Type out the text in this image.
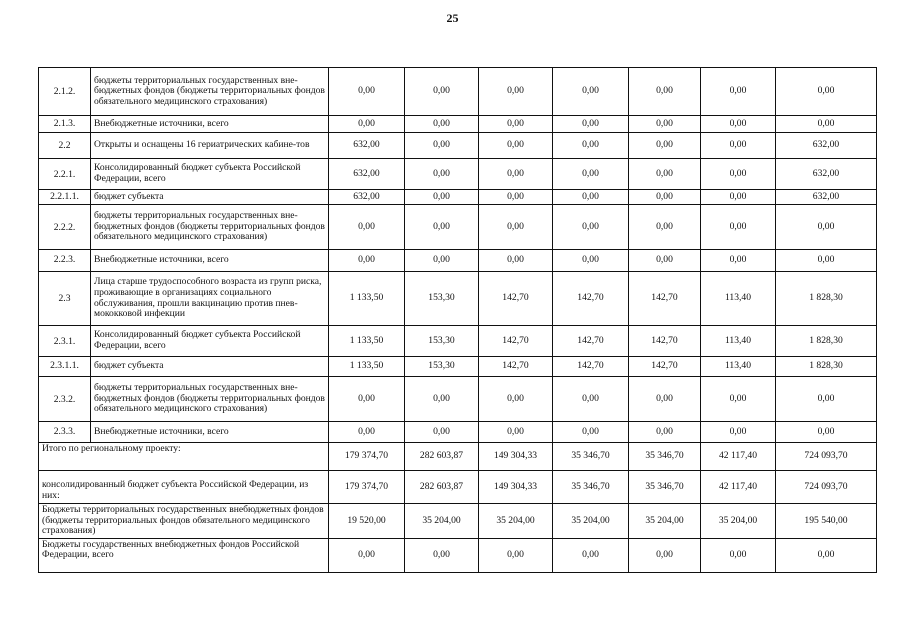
25
2.1.2.	бюджеты территориальных государственных вне-бюджетных фондов (бюджеты территориальных фондов обязательного медицинского страхования)	0,00	0,00	0,00	0,00	0,00	0,00	0,00
2.1.3.	Внебюджетные источники, всего	0,00	0,00	0,00	0,00	0,00	0,00	0,00
2.2	Открыты и оснащены 16 гериатрических кабине-тов	632,00	0,00	0,00	0,00	0,00	0,00	632,00
2.2.1.	Консолидированный бюджет субъекта Российской Федерации, всего	632,00	0,00	0,00	0,00	0,00	0,00	632,00
2.2.1.1.	бюджет субъекта	632,00	0,00	0,00	0,00	0,00	0,00	632,00
2.2.2.	бюджеты территориальных государственных вне-бюджетных фондов (бюджеты территориальных фондов обязательного медицинского страхования)	0,00	0,00	0,00	0,00	0,00	0,00	0,00
2.2.3.	Внебюджетные источники, всего	0,00	0,00	0,00	0,00	0,00	0,00	0,00
2.3	Лица старше трудоспособного возраста из групп риска, проживающие в организациях социального обслуживания, прошли вакцинацию против пнев-мококковой инфекции	1 133,50	153,30	142,70	142,70	142,70	113,40	1 828,30
2.3.1.	Консолидированный бюджет субъекта Российской Федерации, всего	1 133,50	153,30	142,70	142,70	142,70	113,40	1 828,30
2.3.1.1.	бюджет субъекта	1 133,50	153,30	142,70	142,70	142,70	113,40	1 828,30
2.3.2.	бюджеты территориальных государственных вне-бюджетных фондов (бюджеты территориальных фондов обязательного медицинского страхования)	0,00	0,00	0,00	0,00	0,00	0,00	0,00
2.3.3.	Внебюджетные источники, всего	0,00	0,00	0,00	0,00	0,00	0,00	0,00
Итого по региональному проекту:		179 374,70	282 603,87	149 304,33	35 346,70	35 346,70	42 117,40	724 093,70
консолидированный бюджет субъекта Российской Федерации, из них:		179 374,70	282 603,87	149 304,33	35 346,70	35 346,70	42 117,40	724 093,70
Бюджеты территориальных государственных внебюджетных фондов (бюджеты территориальных фондов обязательного медицинского страхования)		19 520,00	35 204,00	35 204,00	35 204,00	35 204,00	35 204,00	195 540,00
Бюджеты государственных внебюджетных фондов Российской Федерации, всего		0,00	0,00	0,00	0,00	0,00	0,00	0,00
